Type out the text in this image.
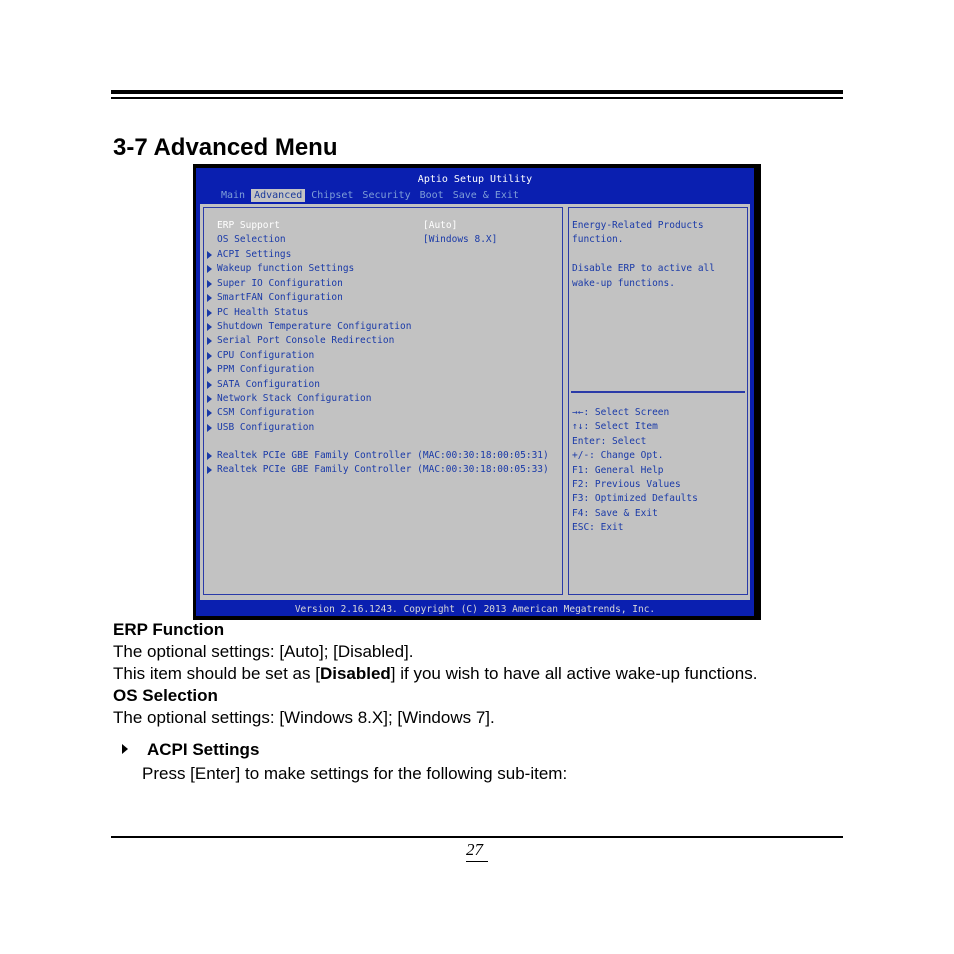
3-7 Advanced Menu
Aptio Setup Utility
Main Advanced Chipset Security Boot Save & Exit
ERP Support	[Auto]
OS Selection	[Windows 8.X]
ACPI Settings
Wakeup function Settings
Super IO Configuration
SmartFAN Configuration
PC Health Status
Shutdown Temperature Configuration
Serial Port Console Redirection
CPU Configuration
PPM Configuration
SATA Configuration
Network Stack Configuration
CSM Configuration
USB Configuration
Realtek PCIe GBE Family Controller (MAC:00:30:18:00:05:31)
Realtek PCIe GBE Family Controller (MAC:00:30:18:00:05:33)
Energy-Related Products
function.
Disable ERP to active all
wake-up functions.
→←: Select Screen
↑↓: Select Item
Enter: Select
+/-: Change Opt.
F1: General Help
F2: Previous Values
F3: Optimized Defaults
F4: Save & Exit
ESC: Exit
Version 2.16.1243. Copyright (C) 2013 American Megatrends, Inc.
ERP Function
The optional settings: [Auto]; [Disabled].
This item should be set as [Disabled] if you wish to have all active wake-up functions.
OS Selection
The optional settings: [Windows 8.X]; [Windows 7].
ACPI Settings
Press [Enter] to make settings for the following sub-item:
27
